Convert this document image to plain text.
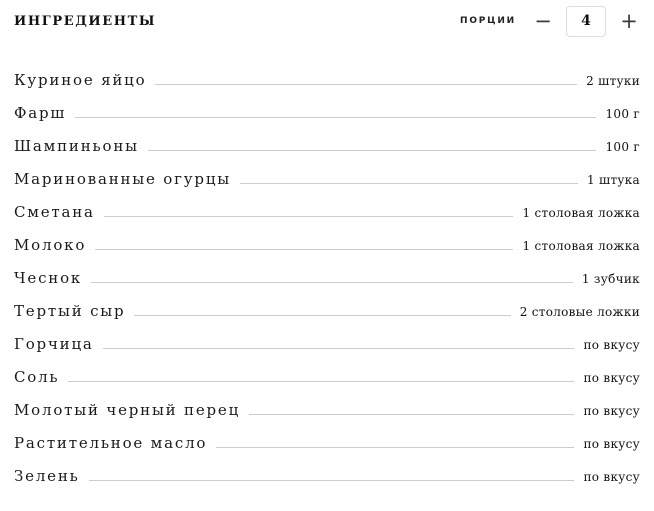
ИНГРЕДИЕНТЫ	ПОРЦИИ −	4	+
Куриное яйцо	2 штуки
Фарш	100 г
Шампиньоны	100 г
Маринованные огурцы	1 штука
Сметана	1 столовая ложка
Молоко	1 столовая ложка
Чеснок	1 зубчик
Тертый сыр	2 столовые ложки
Горчица	по вкусу
Соль	по вкусу
Молотый черный перец	по вкусу
Растительное масло	по вкусу
Зелень	по вкусу
